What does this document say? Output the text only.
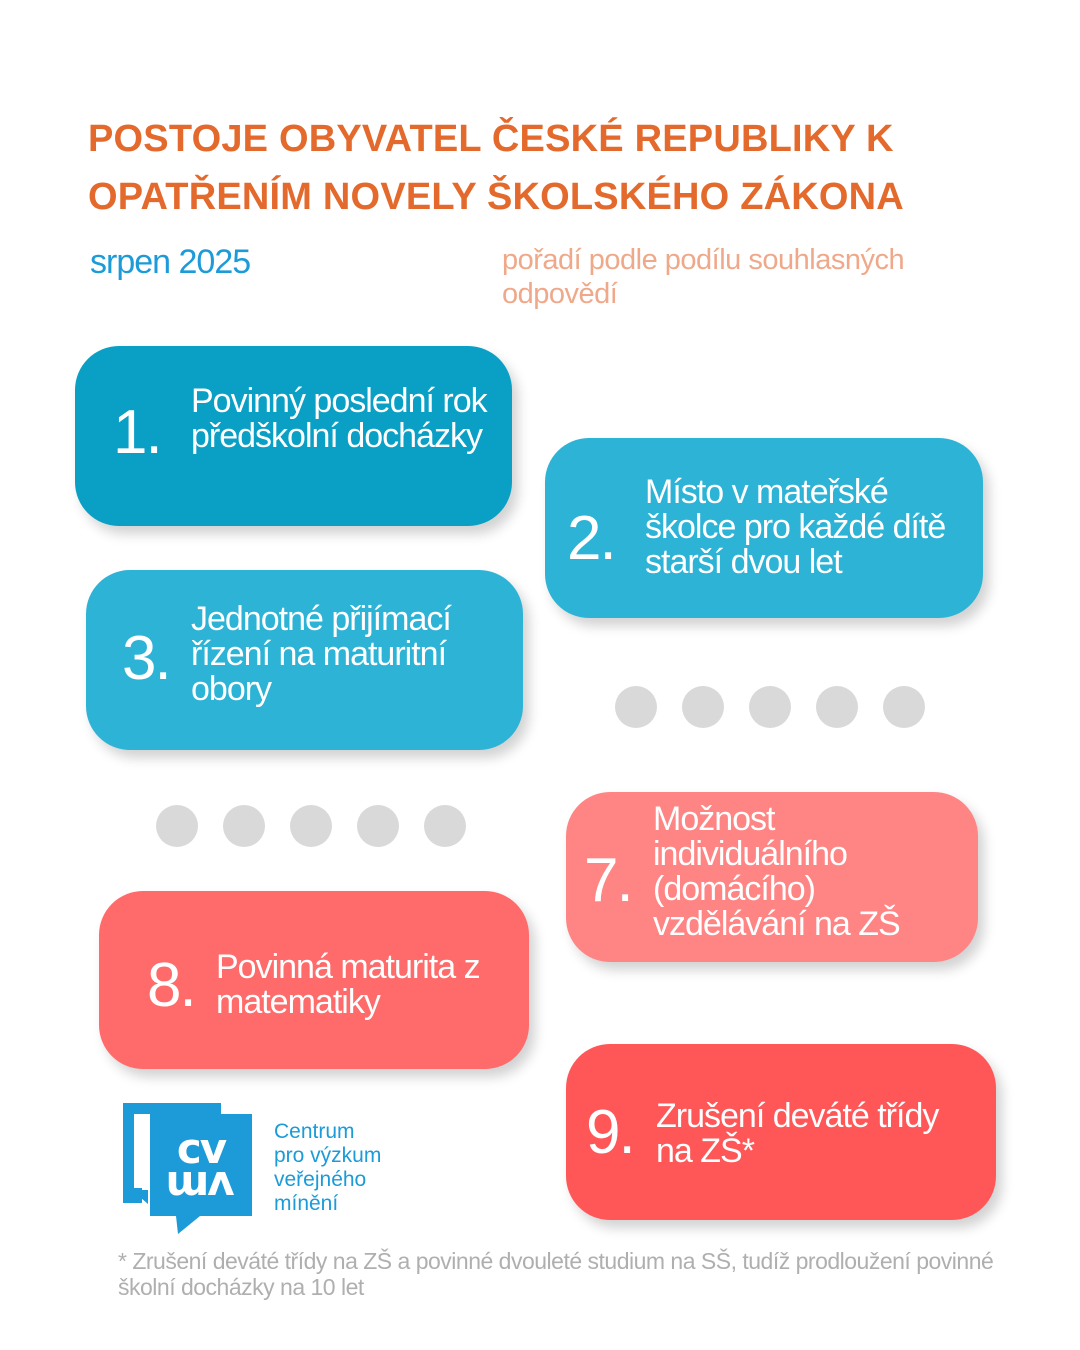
POSTOJE OBYVATEL ČESKÉ REPUBLIKY K
OPATŘENÍM NOVELY ŠKOLSKÉHO ZÁKONA
srpen 2025	pořadí podle podílu souhlasných odpovědí
1. Povinný poslední rok předškolní docházky
2.
Místo v mateřské školce pro každé dítě starší dvou let
3.
Jednotné přijímací řízení na maturitní obory
7.
Možnost individuálního (domácího) vzdělávání na ZŠ
8. Povinná maturita z matematiky
9. Zrušení deváté třídy na ZŠ*
cv
vm
Centrum
pro výzkum
veřejného
mínění
* Zrušení deváté třídy na ZŠ a povinné dvouleté studium na SŠ, tudíž prodloužení povinné školní docházky na 10 let
